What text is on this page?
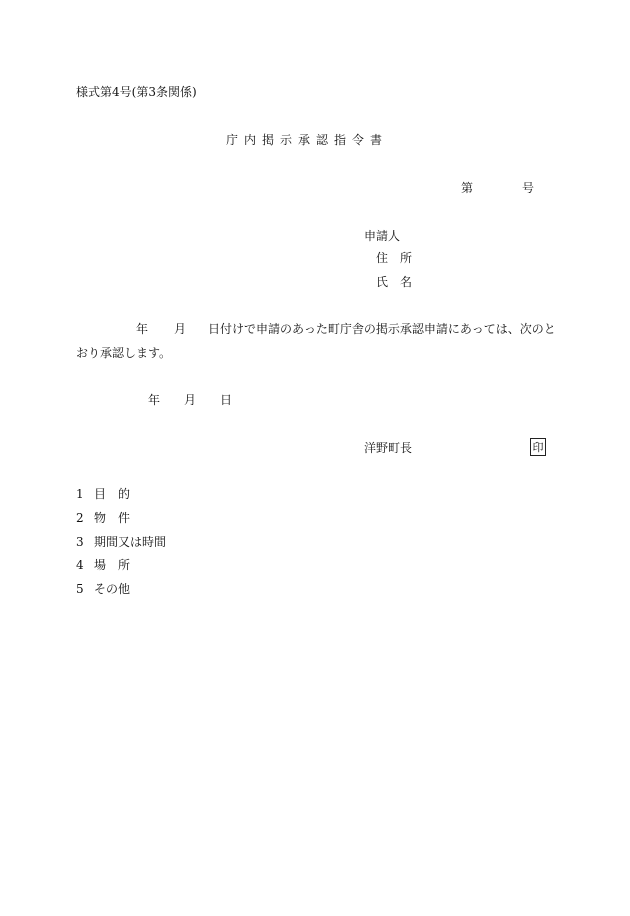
様式第4号(第3条関係)
庁内掲示承認指令書
第	号
申請人
住所
氏名
年 月 日付けで申請のあった町庁舎の掲示承認申請にあっては、次のと
おり承認します。
年 月 日
洋野町長	印
1 目的
2 物件
3 期間又は時間
4 場所
5 その他
